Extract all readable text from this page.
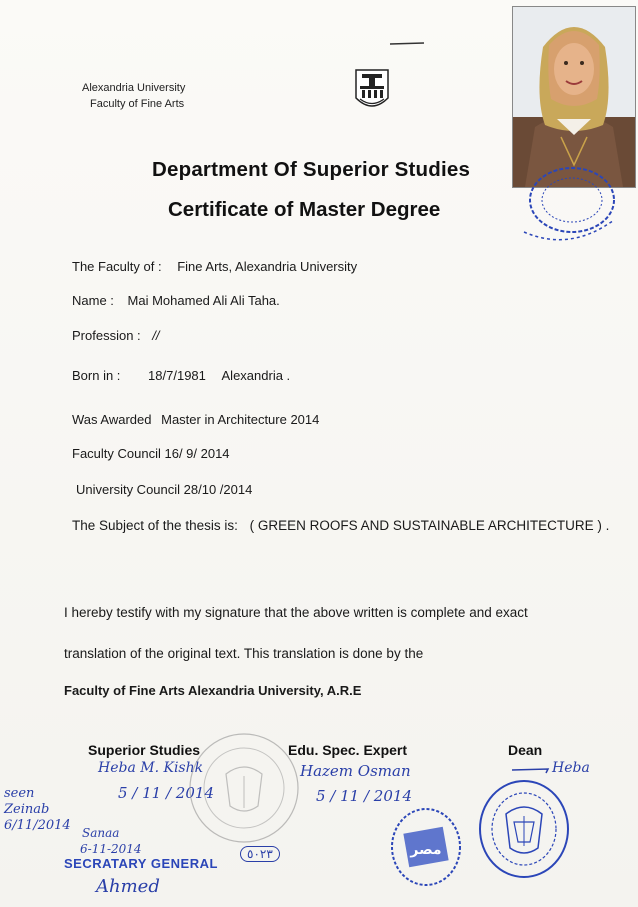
Alexandria University
Faculty of Fine Arts
Department Of Superior Studies
Certificate of Master Degree
The Faculty of : Fine Arts, Alexandria University
Name : Mai Mohamed Ali Ali Taha.
Profession : //
Born in : 18/7/1981 Alexandria .
Was Awarded Master in Architecture 2014
Faculty Council 16/ 9/ 2014
University Council 28/10 /2014
The Subject of the thesis is: ( GREEN ROOFS AND SUSTAINABLE ARCHITECTURE ) .
I hereby testify with my signature that the above written is complete and exact
translation of the original text. This translation is done by the
Faculty of Fine Arts Alexandria University, A.R.E
Superior Studies	Edu. Spec. Expert	Dean
Heba M. Kishk
5 / 11 / 2014
Hazem Osman
5 / 11 / 2014
Heba
seen
Zeinab
6/11/2014 Sanaa
6-11-2014
SECRATARY GENERAL
Ahmed
٥٠٢٣	ﻣﺼﺮ
